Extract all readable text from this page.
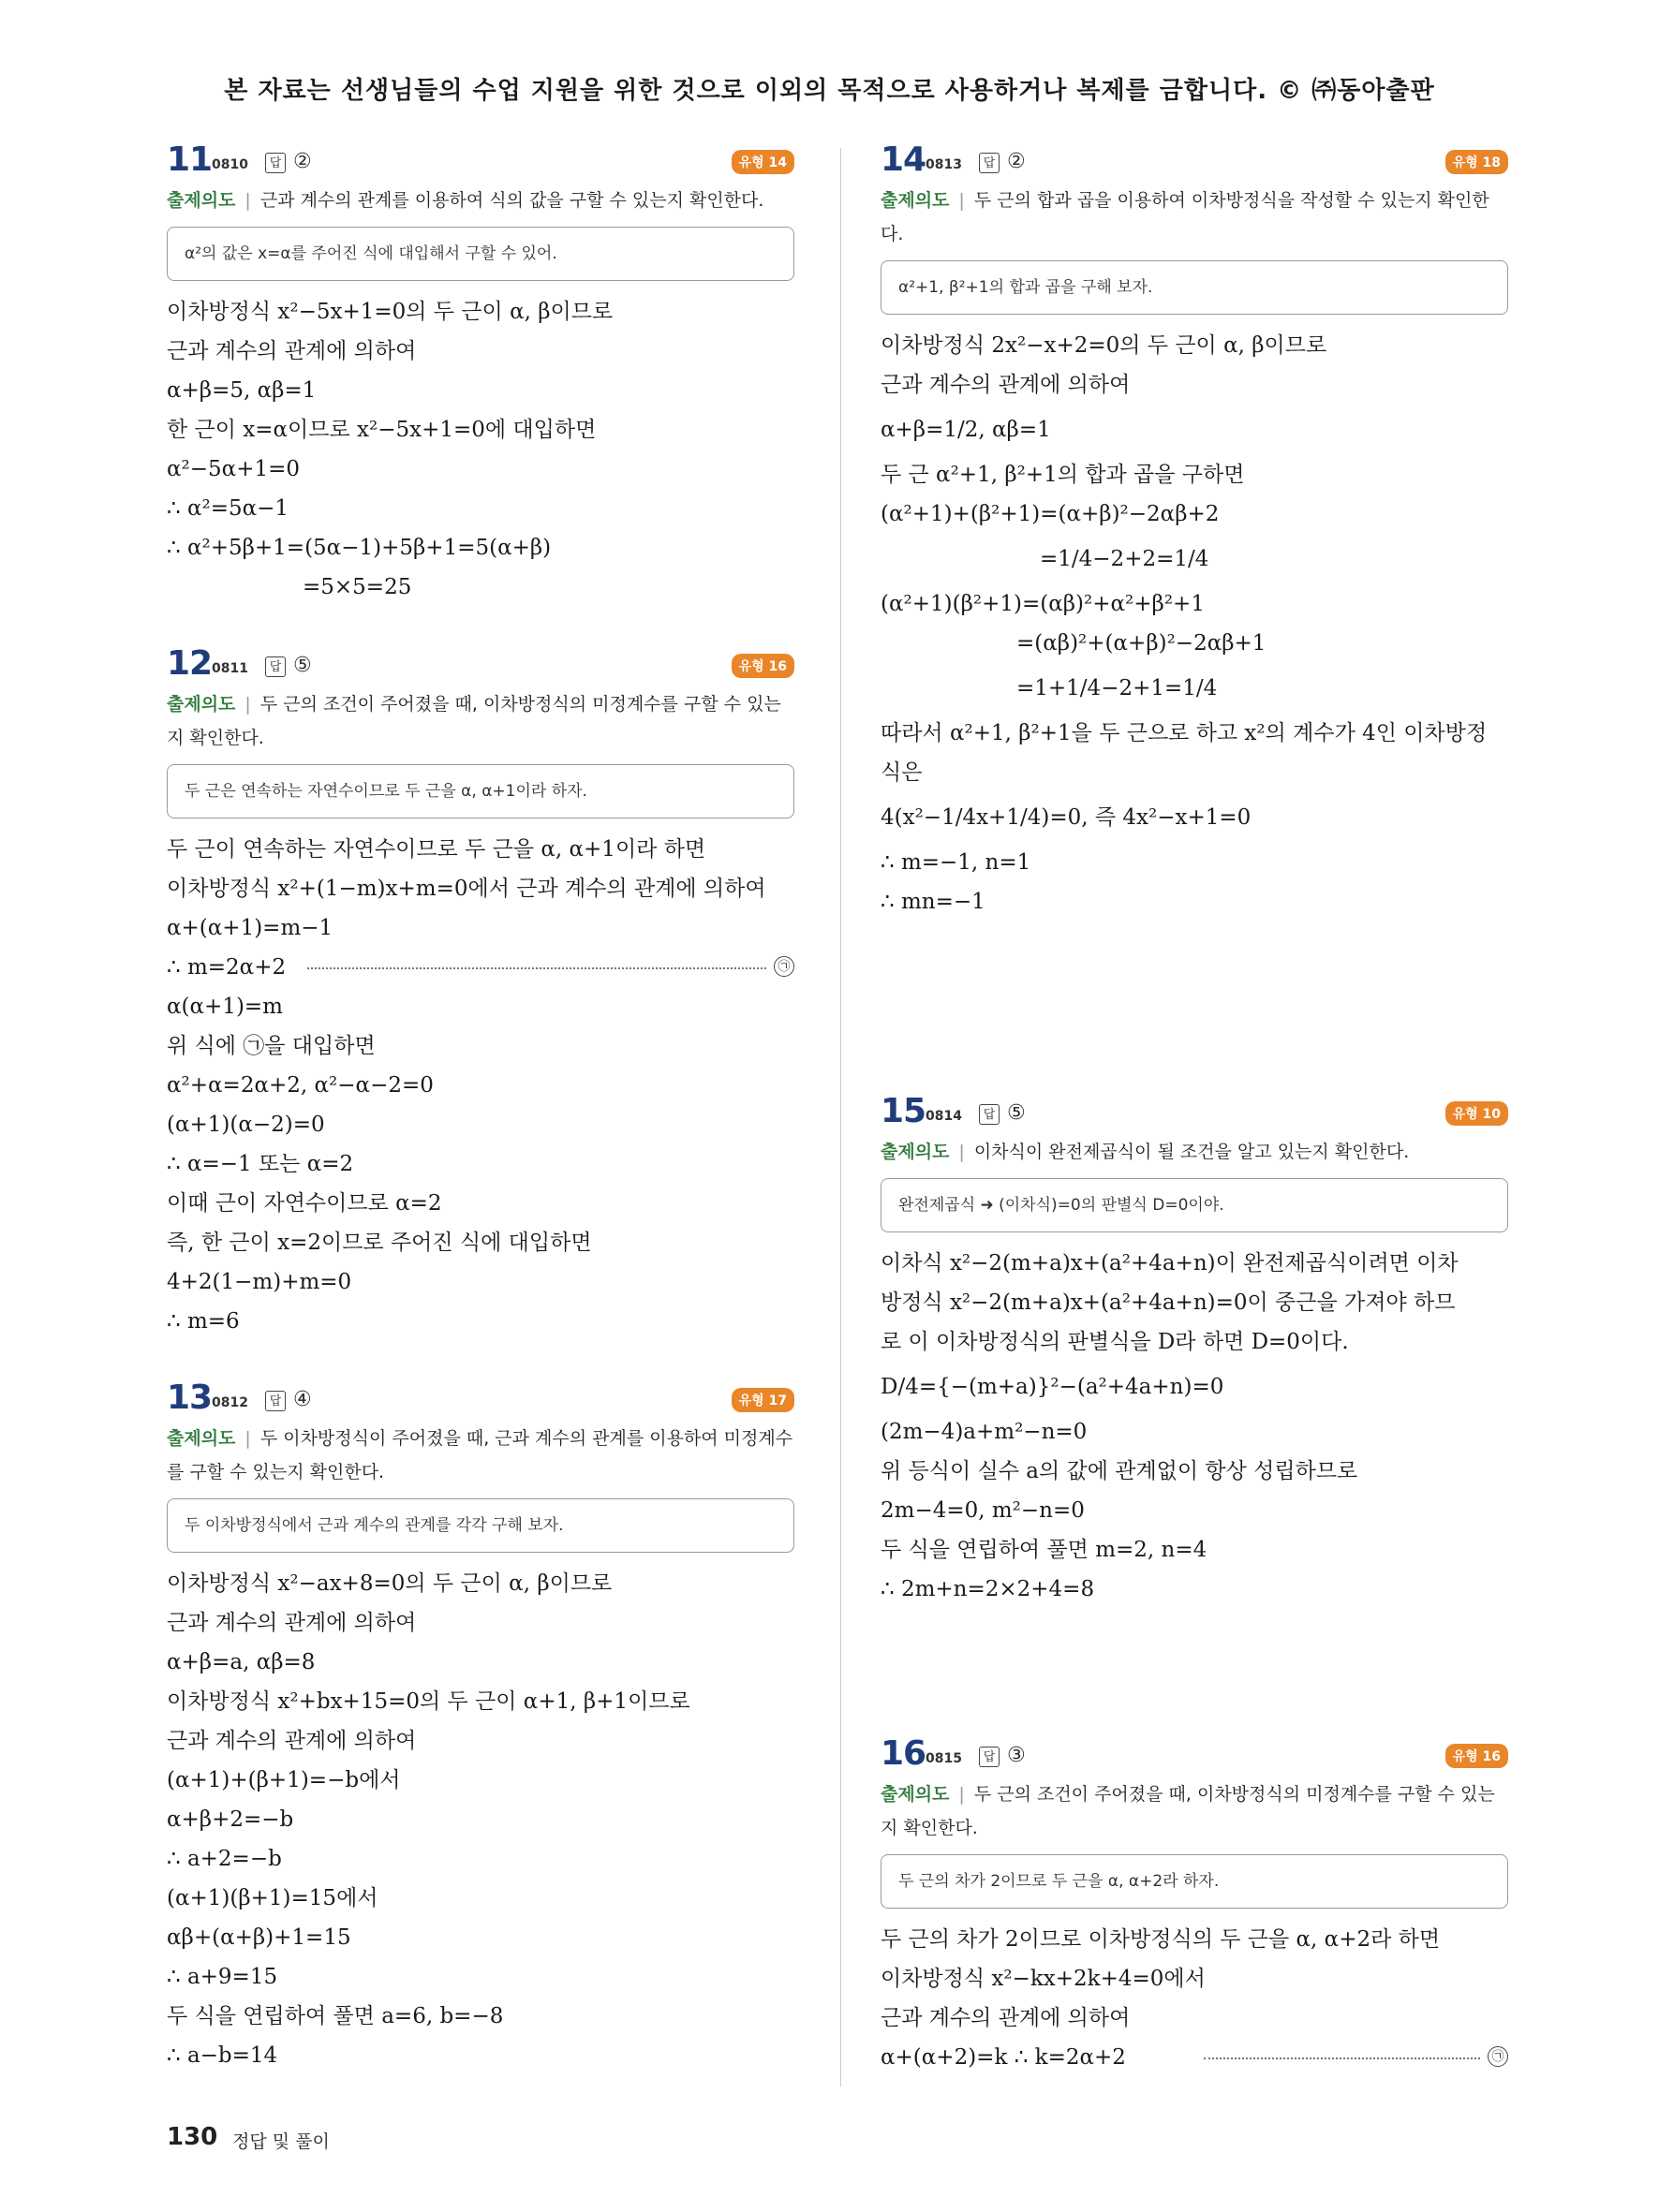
본 자료는 선생님들의 수업 지원을 위한 것으로 이외의 목적으로 사용하거나 복제를 금합니다. © ㈜동아출판
11 0810	답 ②	유형 14
출제의도 | 근과 계수의 관계를 이용하여 식의 값을 구할 수 있는지 확인한다.
α²의 값은 x=α를 주어진 식에 대입해서 구할 수 있어.
이차방정식 x²−5x+1=0의 두 근이 α, β이므로
근과 계수의 관계에 의하여
α+β=5, αβ=1
한 근이 x=α이므로 x²−5x+1=0에 대입하면
α²−5α+1=0
∴ α²=5α−1
∴ α²+5β+1=(5α−1)+5β+1=5(α+β)
=5×5=25
12 0811	답 ⑤	유형 16
출제의도 | 두 근의 조건이 주어졌을 때, 이차방정식의 미정계수를 구할 수 있는지 확인한다.
두 근은 연속하는 자연수이므로 두 근을 α, α+1이라 하자.
두 근이 연속하는 자연수이므로 두 근을 α, α+1이라 하면
이차방정식 x²+(1−m)x+m=0에서 근과 계수의 관계에 의하여
α+(α+1)=m−1
∴ m=2α+2	㉠
α(α+1)=m
위 식에 ㉠을 대입하면
α²+α=2α+2, α²−α−2=0
(α+1)(α−2)=0
∴ α=−1 또는 α=2
이때 근이 자연수이므로 α=2
즉, 한 근이 x=2이므로 주어진 식에 대입하면
4+2(1−m)+m=0
∴ m=6
13 0812	답 ④	유형 17
출제의도 | 두 이차방정식이 주어졌을 때, 근과 계수의 관계를 이용하여 미정계수를 구할 수 있는지 확인한다.
두 이차방정식에서 근과 계수의 관계를 각각 구해 보자.
이차방정식 x²−ax+8=0의 두 근이 α, β이므로
근과 계수의 관계에 의하여
α+β=a, αβ=8
이차방정식 x²+bx+15=0의 두 근이 α+1, β+1이므로
근과 계수의 관계에 의하여
(α+1)+(β+1)=−b에서
α+β+2=−b
∴ a+2=−b
(α+1)(β+1)=15에서
αβ+(α+β)+1=15
∴ a+9=15
두 식을 연립하여 풀면 a=6, b=−8
∴ a−b=14
14 0813	답 ②	유형 18
출제의도 | 두 근의 합과 곱을 이용하여 이차방정식을 작성할 수 있는지 확인한다.
α²+1, β²+1의 합과 곱을 구해 보자.
이차방정식 2x²−x+2=0의 두 근이 α, β이므로
근과 계수의 관계에 의하여
α+β=1/2, αβ=1
두 근 α²+1, β²+1의 합과 곱을 구하면
(α²+1)+(β²+1)=(α+β)²−2αβ+2
=1/4−2+2=1/4
(α²+1)(β²+1)=(αβ)²+α²+β²+1
=(αβ)²+(α+β)²−2αβ+1
=1+1/4−2+1=1/4
따라서 α²+1, β²+1을 두 근으로 하고 x²의 계수가 4인 이차방정
식은
4(x²−1/4x+1/4)=0, 즉 4x²−x+1=0
∴ m=−1, n=1
∴ mn=−1
15 0814	답 ⑤	유형 10
출제의도 | 이차식이 완전제곱식이 될 조건을 알고 있는지 확인한다.
완전제곱식 ➜ (이차식)=0의 판별식 D=0이야.
이차식 x²−2(m+a)x+(a²+4a+n)이 완전제곱식이려면 이차
방정식 x²−2(m+a)x+(a²+4a+n)=0이 중근을 가져야 하므
로 이 이차방정식의 판별식을 D라 하면 D=0이다.
D/4={−(m+a)}²−(a²+4a+n)=0
(2m−4)a+m²−n=0
위 등식이 실수 a의 값에 관계없이 항상 성립하므로
2m−4=0, m²−n=0
두 식을 연립하여 풀면 m=2, n=4
∴ 2m+n=2×2+4=8
16 0815	답 ③	유형 16
출제의도 | 두 근의 조건이 주어졌을 때, 이차방정식의 미정계수를 구할 수 있는지 확인한다.
두 근의 차가 2이므로 두 근을 α, α+2라 하자.
두 근의 차가 2이므로 이차방정식의 두 근을 α, α+2라 하면
이차방정식 x²−kx+2k+4=0에서
근과 계수의 관계에 의하여
α+(α+2)=k ∴ k=2α+2	㉠
130 정답 및 풀이
